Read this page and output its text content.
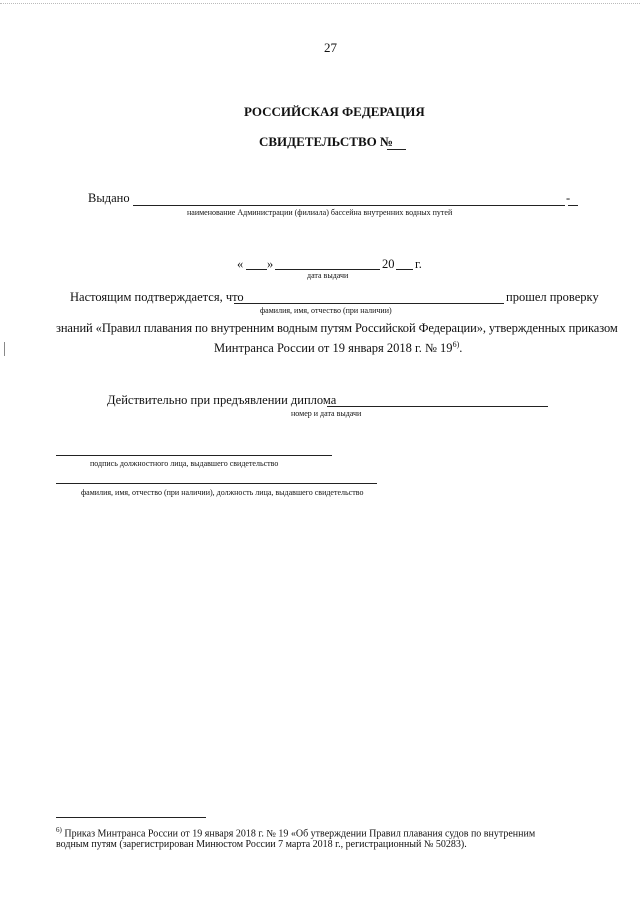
27
РОССИЙСКАЯ ФЕДЕРАЦИЯ
СВИДЕТЕЛЬСТВО №
Выдано	-
наименование Администрации (филиала) бассейна внутренних водных путей
« »	20 г.
дата выдачи
Настоящим подтверждается, что	прошел проверку
фамилия, имя, отчество (при наличии)
знаний «Правил плавания по внутренним водным путям Российской Федерации», утвержденных приказом
Минтранса России от 19 января 2018 г. № 19$^{6)}$.
Действительно при предъявлении диплома
номер и дата выдачи
подпись должностного лица, выдавшего свидетельство
фамилия, имя, отчество (при наличии), должность лица, выдавшего свидетельство
$^{6)}$ Приказ Минтранса России от 19 января 2018 г. № 19 «Об утверждении Правил плавания судов по внутренним
водным путям (зарегистрирован Минюстом России 7 марта 2018 г., регистрационный № 50283).
